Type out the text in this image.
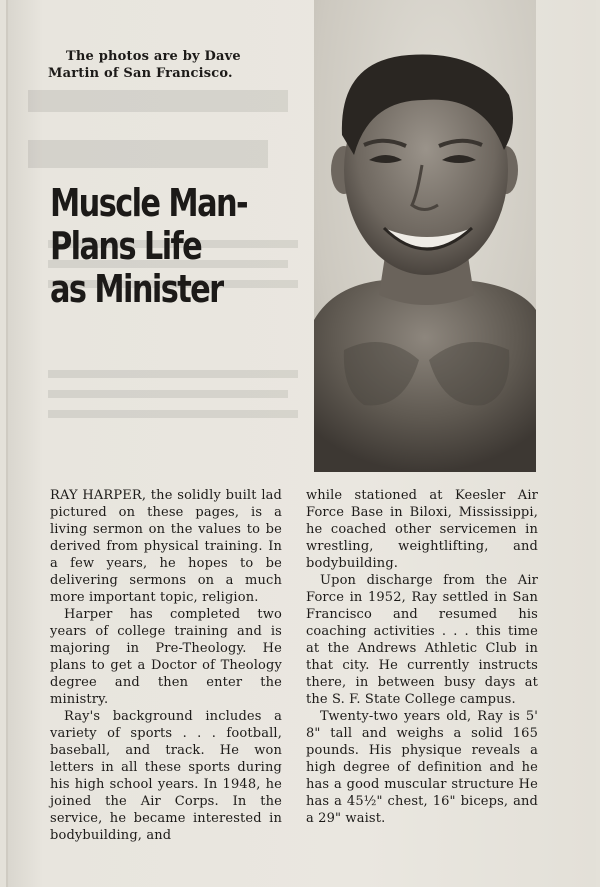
The photos are by Dave Martin of San Francisco.
Muscle Man-
Plans Life
as Minister

RAY HARPER, the solidly built lad pictured on these pages, is a living sermon on the values to be derived from physical training. In a few years, he hopes to be delivering sermons on a much more important topic, religion.

Harper has completed two years of college training and is majoring in Pre-Theology. He plans to get a Doctor of Theology degree and then enter the ministry.

Ray's background includes a variety of sports . . . football, baseball, and track. He won letters in all these sports during his high school years. In 1948, he joined the Air Corps. In the service, he became interested in bodybuilding, and

while stationed at Keesler Air Force Base in Biloxi, Mississippi, he coached other servicemen in wrestling, weightlifting, and bodybuilding.

Upon discharge from the Air Force in 1952, Ray settled in San Francisco and resumed his coaching activities . . . this time at the Andrews Athletic Club in that city. He currently instructs there, in between busy days at the S. F. State College campus.

Twenty-two years old, Ray is 5' 8" tall and weighs a solid 165 pounds. His physique reveals a high degree of definition and he has a good muscular structure He has a 45½" chest, 16" biceps, and a 29" waist.
